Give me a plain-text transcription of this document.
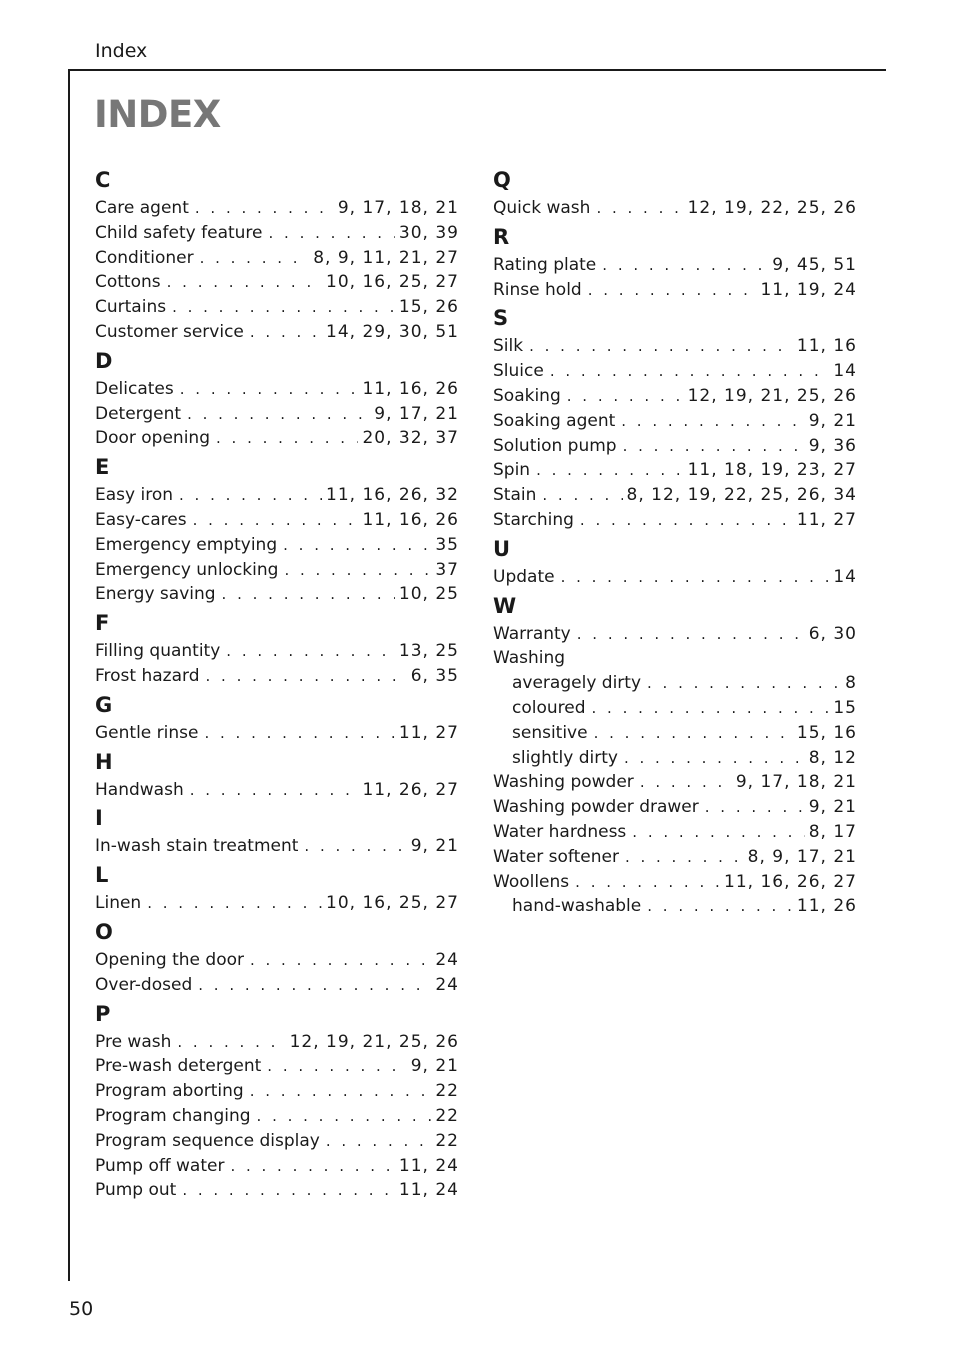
Index
INDEX
C
Care agent . . .	9, 17, 18, 21
Child safety feature . . .	30, 39
Conditioner . . .	8, 9, 11, 21, 27
Cottons . . .	10, 16, 25, 27
Curtains . . .	15, 26
Customer service . . .	14, 29, 30, 51
D
Delicates . . .	11, 16, 26
Detergent . . .	9, 17, 21
Door opening . . .	20, 32, 37
E
Easy iron . . .	11, 16, 26, 32
Easy-cares . . .	11, 16, 26
Emergency emptying . . .	35
Emergency unlocking . . .	37
Energy saving . . .	10, 25
F
Filling quantity . . .	13, 25
Frost hazard . . .	6, 35
G
Gentle rinse . . .	11, 27
H
Handwash . . .	11, 26, 27
I
In-wash stain treatment . . .	9, 21
L
Linen . . .	10, 16, 25, 27
O
Opening the door . . .	24
Over-dosed . . .	24
P
Pre wash . . .	12, 19, 21, 25, 26
Pre-wash detergent . . .	9, 21
Program aborting . . .	22
Program changing . . .	22
Program sequence display . . .	22
Pump off water . . .	11, 24
Pump out . . .	11, 24
Q
Quick wash . . .	12, 19, 22, 25, 26
R
Rating plate . . .	9, 45, 51
Rinse hold . . .	11, 19, 24
S
Silk . . .	11, 16
Sluice . . .	14
Soaking . . .	12, 19, 21, 25, 26
Soaking agent . . .	9, 21
Solution pump . . .	9, 36
Spin . . .	11, 18, 19, 23, 27
Stain . . .	8, 12, 19, 22, 25, 26, 34
Starching . . .	11, 27
U
Update . . .	14
W
Warranty . . .	6, 30
Washing
averagely dirty . . .	8
coloured . . .	15
sensitive . . .	15, 16
slightly dirty . . .	8, 12
Washing powder . . .	9, 17, 18, 21
Washing powder drawer . . .	9, 21
Water hardness . . .	8, 17
Water softener . . .	8, 9, 17, 21
Woollens . . .	11, 16, 26, 27
hand-washable . . .	11, 26
50
